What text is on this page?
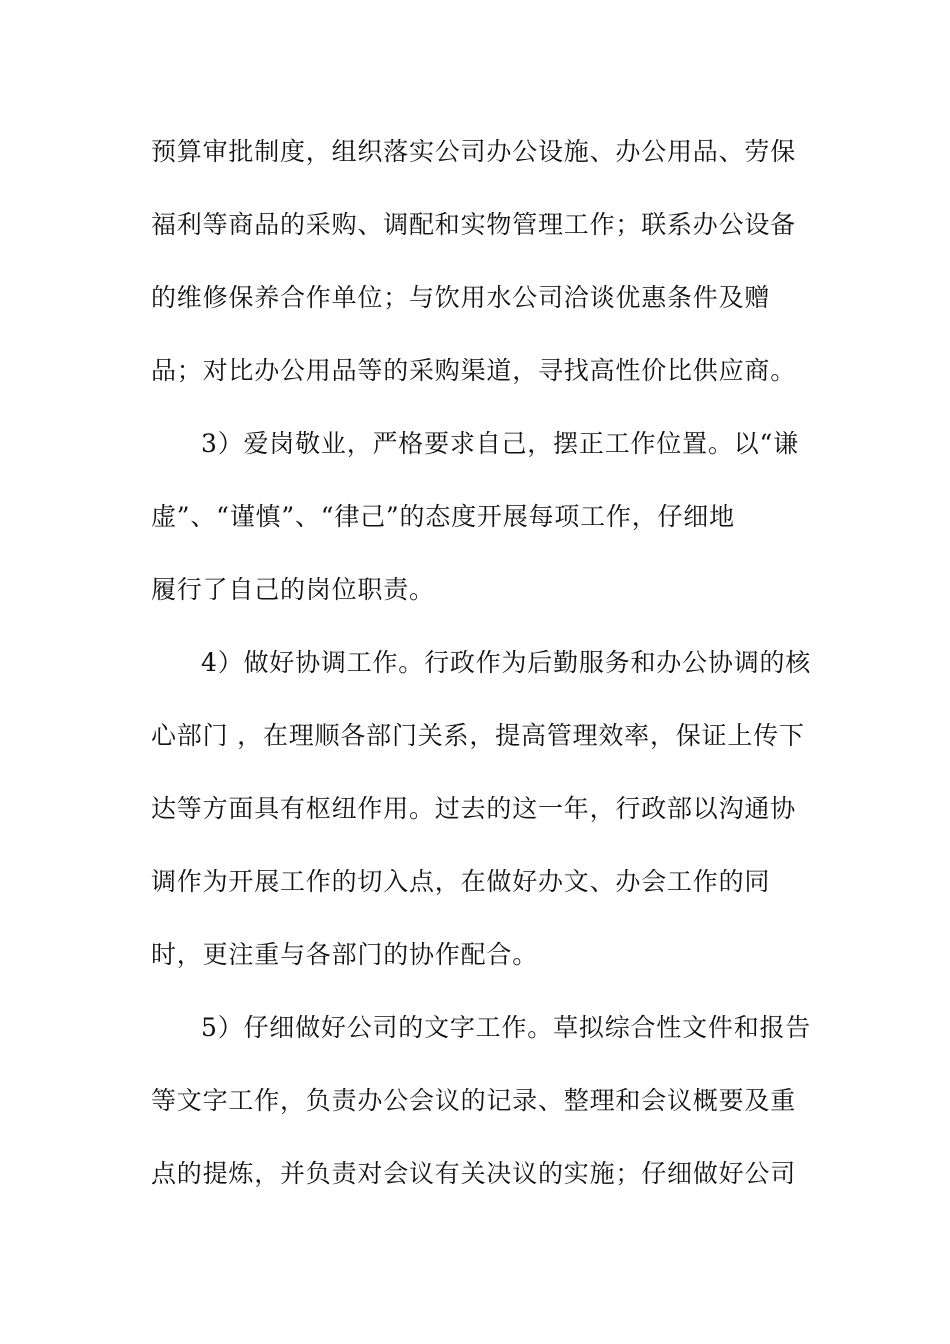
预算审批制度，组织落实公司办公设施、办公用品、劳保
福利等商品的采购、调配和实物管理工作；联系办公设备
的维修保养合作单位；与饮用水公司洽谈优惠条件及赠
品；对比办公用品等的采购渠道，寻找高性价比供应商。
3）爱岗敬业，严格要求自己，摆正工作位置。以“谦
虚”、“谨慎”、“律己”的态度开展每项工作，仔细地
履行了自己的岗位职责。
4）做好协调工作。行政作为后勤服务和办公协调的核
心部门 ，在理顺各部门关系，提高管理效率，保证上传下
达等方面具有枢纽作用。过去的这一年，行政部以沟通协
调作为开展工作的切入点，在做好办文、办会工作的同
时，更注重与各部门的协作配合。
5）仔细做好公司的文字工作。草拟综合性文件和报告
等文字工作，负责办公会议的记录、整理和会议概要及重
点的提炼，并负责对会议有关决议的实施；仔细做好公司
